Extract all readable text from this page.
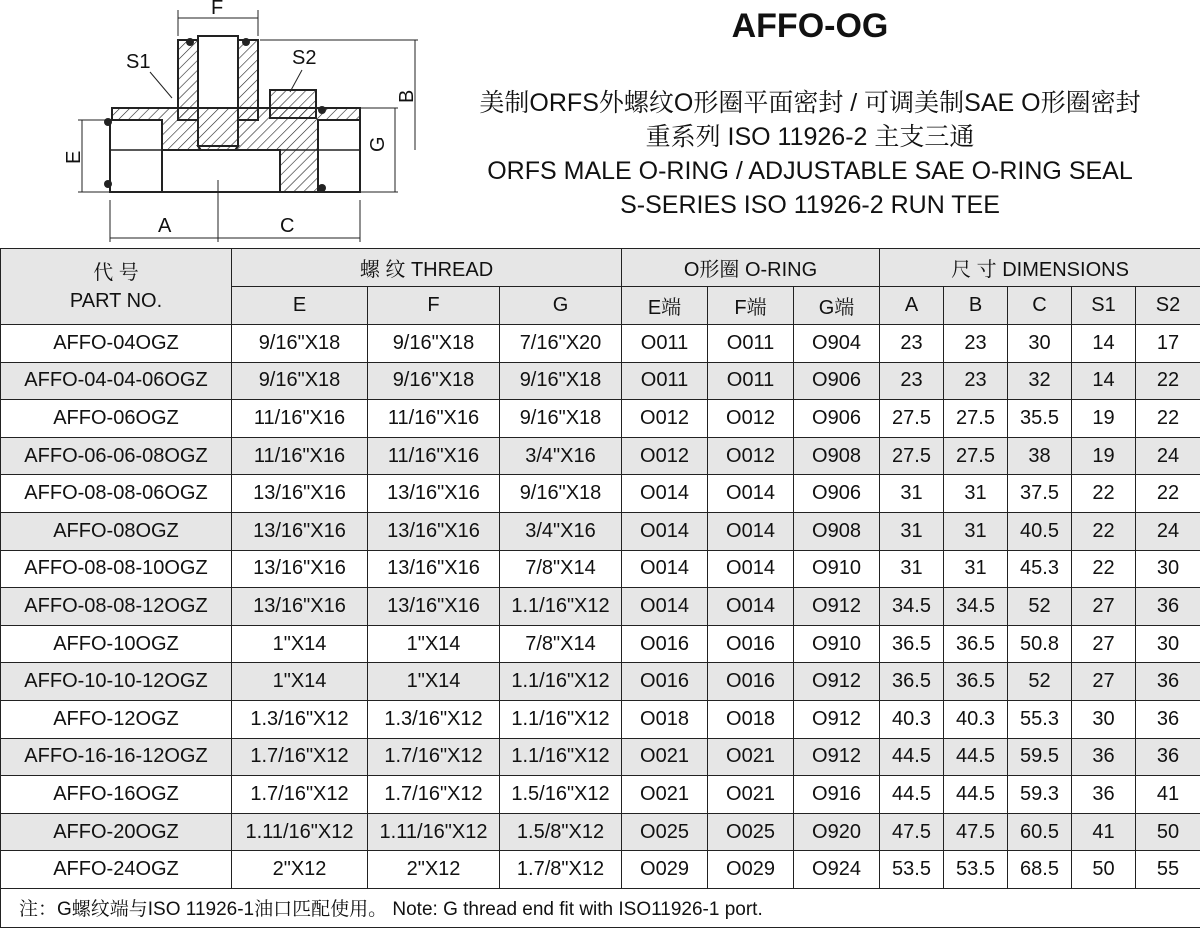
F
S1	S2
B
E
G
A	C
AFFO-OG
美制ORFS外螺纹O形圈平面密封 / 可调美制SAE O形圈密封
重系列 ISO 11926-2 主支三通
ORFS MALE O-RING / ADJUSTABLE SAE O-RING SEAL
S-SERIES ISO 11926-2 RUN TEE
代 号
PART NO.	螺 纹 THREAD			O形圈 O-RING			尺 寸 DIMENSIONS				
	E	F	G	E端	F端	G端	A	B	C	S1	S2
AFFO-04OGZ	9/16"X18	9/16"X18	7/16"X20	O011	O011	O904	23	23	30	14	17
AFFO-04-04-06OGZ	9/16"X18	9/16"X18	9/16"X18	O011	O011	O906	23	23	32	14	22
AFFO-06OGZ	11/16"X16	11/16"X16	9/16"X18	O012	O012	O906	27.5	27.5	35.5	19	22
AFFO-06-06-08OGZ	11/16"X16	11/16"X16	3/4"X16	O012	O012	O908	27.5	27.5	38	19	24
AFFO-08-08-06OGZ	13/16"X16	13/16"X16	9/16"X18	O014	O014	O906	31	31	37.5	22	22
AFFO-08OGZ	13/16"X16	13/16"X16	3/4"X16	O014	O014	O908	31	31	40.5	22	24
AFFO-08-08-10OGZ	13/16"X16	13/16"X16	7/8"X14	O014	O014	O910	31	31	45.3	22	30
AFFO-08-08-12OGZ	13/16"X16	13/16"X16	1.1/16"X12	O014	O014	O912	34.5	34.5	52	27	36
AFFO-10OGZ	1"X14	1"X14	7/8"X14	O016	O016	O910	36.5	36.5	50.8	27	30
AFFO-10-10-12OGZ	1"X14	1"X14	1.1/16"X12	O016	O016	O912	36.5	36.5	52	27	36
AFFO-12OGZ	1.3/16"X12	1.3/16"X12	1.1/16"X12	O018	O018	O912	40.3	40.3	55.3	30	36
AFFO-16-16-12OGZ	1.7/16"X12	1.7/16"X12	1.1/16"X12	O021	O021	O912	44.5	44.5	59.5	36	36
AFFO-16OGZ	1.7/16"X12	1.7/16"X12	1.5/16"X12	O021	O021	O916	44.5	44.5	59.3	36	41
AFFO-20OGZ	1.11/16"X12	1.11/16"X12	1.5/8"X12	O025	O025	O920	47.5	47.5	60.5	41	50
AFFO-24OGZ	2"X12	2"X12	1.7/8"X12	O029	O029	O924	53.5	53.5	68.5	50	55
注：G螺纹端与ISO 11926-1油口匹配使用。 Note: G thread end fit with ISO11926-1 port.											
